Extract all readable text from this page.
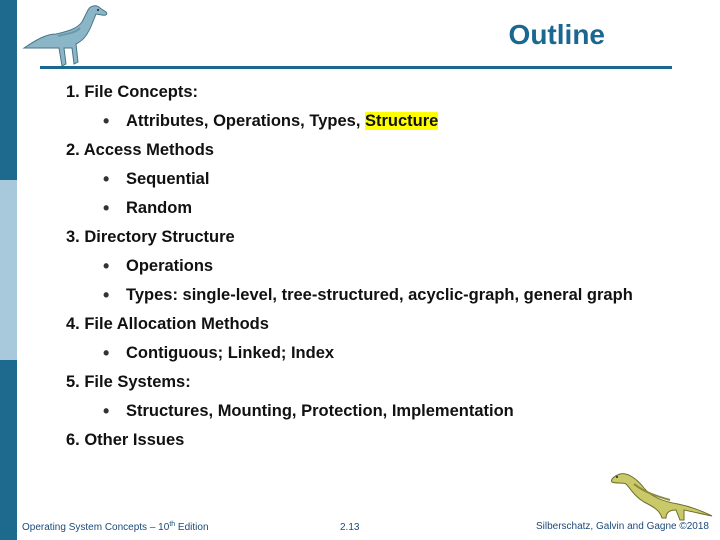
Outline
1. File Concepts:
• Attributes, Operations, Types, Structure
2. Access Methods
• Sequential
• Random
3. Directory Structure
• Operations
• Types: single-level, tree-structured, acyclic-graph, general graph
4. File Allocation Methods
• Contiguous; Linked; Index
5. File Systems:
• Structures, Mounting, Protection, Implementation
6. Other Issues
Operating System Concepts – 10th Edition	2.13	Silberschatz, Galvin and Gagne ©2018
